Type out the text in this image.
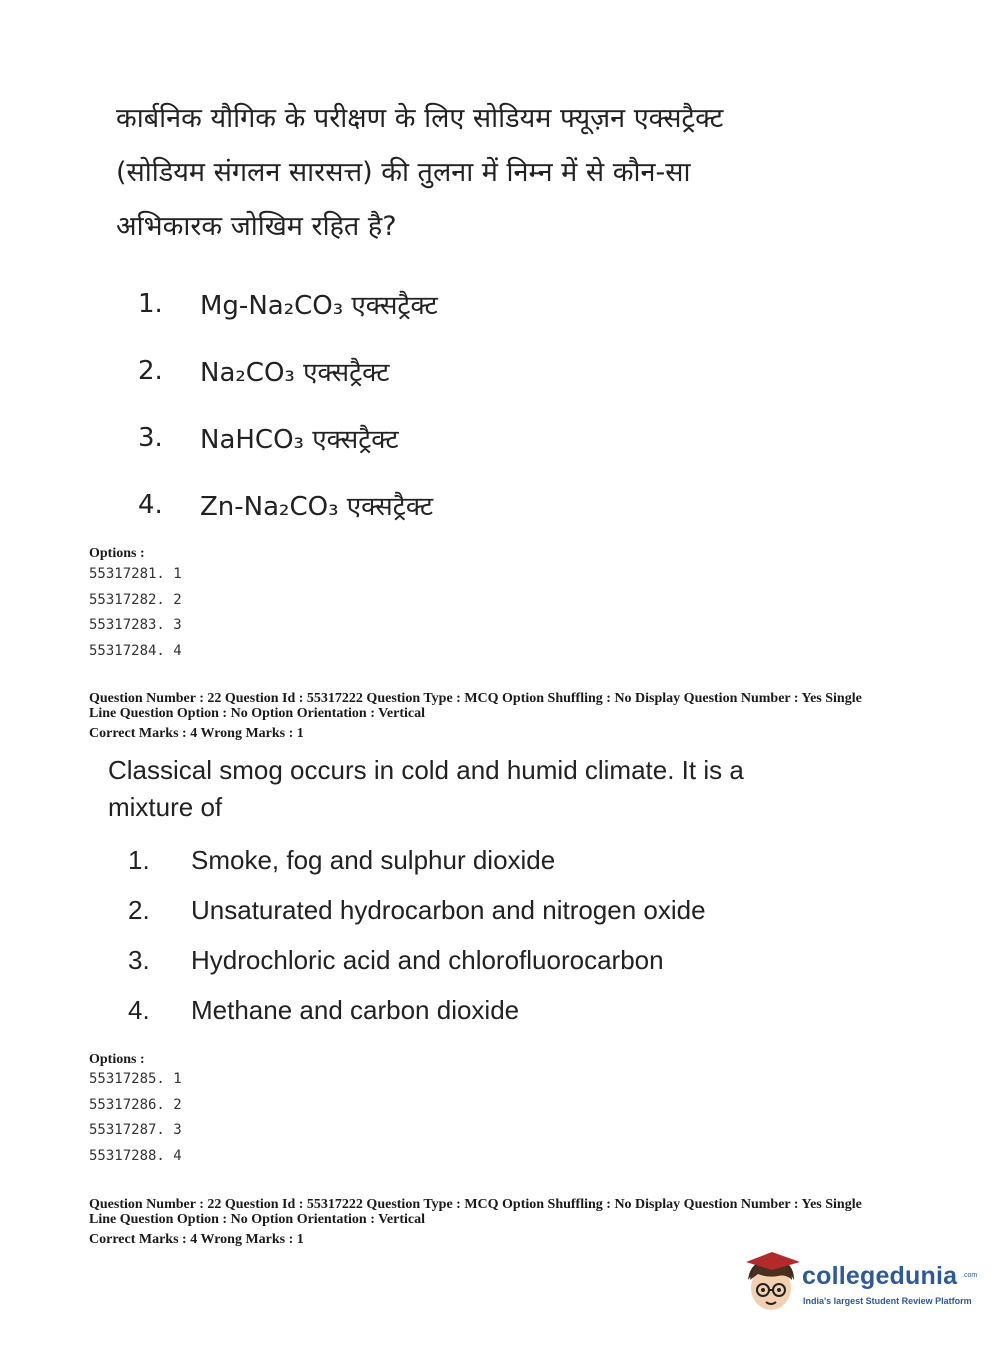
कार्बनिक यौगिक के परीक्षण के लिए सोडियम फ्यूज़न एक्सट्रैक्ट
(सोडियम संगलन सारसत्त) की तुलना में निम्न में से कौन-सा
अभिकारक जोखिम रहित है?
1.	Mg-Na₂CO₃ एक्सट्रैक्ट
2.	Na₂CO₃ एक्सट्रैक्ट
3.	NaHCO₃ एक्सट्रैक्ट
4.	Zn-Na₂CO₃ एक्सट्रैक्ट
Options :
55317281. 1
55317282. 2
55317283. 3
55317284. 4
Question Number : 22 Question Id : 55317222 Question Type : MCQ Option Shuffling : No Display Question Number : Yes Single
Line Question Option : No Option Orientation : Vertical
Correct Marks : 4 Wrong Marks : 1
Classical smog occurs in cold and humid climate. It is a
mixture of
1.	Smoke, fog and sulphur dioxide
2.	Unsaturated hydrocarbon and nitrogen oxide
3.	Hydrochloric acid and chlorofluorocarbon
4.	Methane and carbon dioxide
Options :
55317285. 1
55317286. 2
55317287. 3
55317288. 4
Question Number : 22 Question Id : 55317222 Question Type : MCQ Option Shuffling : No Display Question Number : Yes Single
Line Question Option : No Option Orientation : Vertical
Correct Marks : 4 Wrong Marks : 1
collegedunia .com
India's largest Student Review Platform
